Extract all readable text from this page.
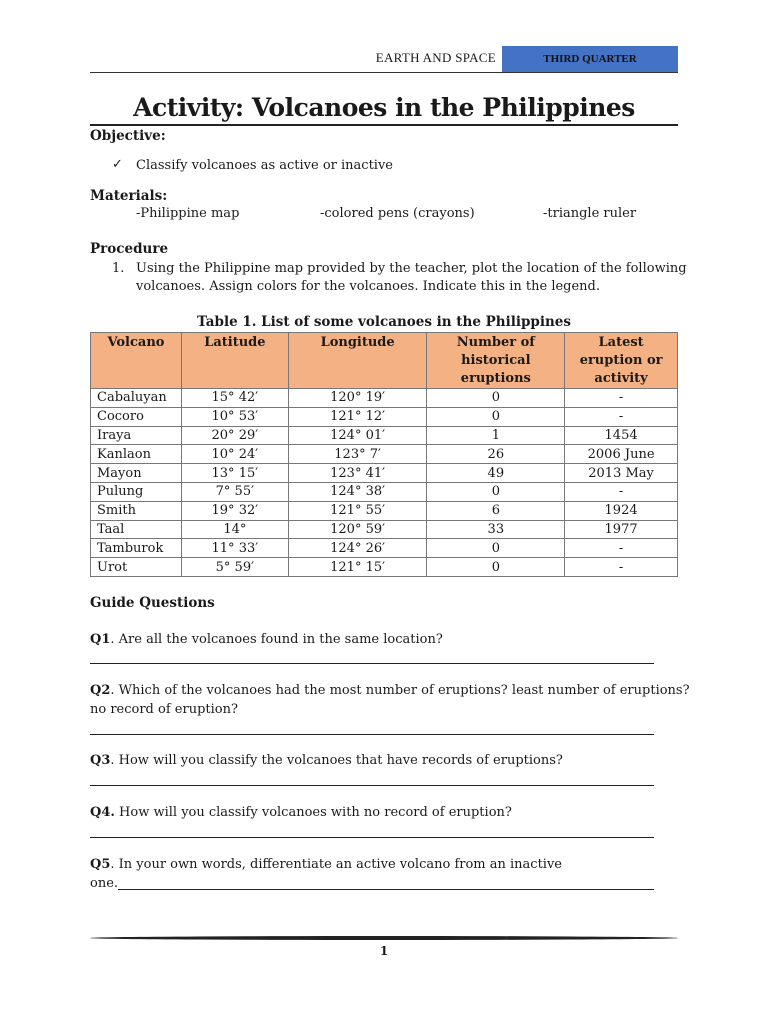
EARTH AND SPACE	THIRD QUARTER
Activity: Volcanoes in the Philippines
Objective:
✓ Classify volcanoes as active or inactive
Materials:
-Philippine map	-colored pens (crayons)	-triangle ruler
Procedure
1. Using the Philippine map provided by the teacher, plot the location of the following
volcanoes. Assign colors for the volcanoes. Indicate this in the legend.
Table 1. List of some volcanoes in the Philippines
Volcano	Latitude	Longitude	Number of historical eruptions	Latest eruption or activity
Cabaluyan	15° 42′	120° 19′	0	-
Cocoro	10° 53′	121° 12′	0	-
Iraya	20° 29′	124° 01′	1	1454
Kanlaon	10° 24′	123° 7′	26	2006 June
Mayon	13° 15′	123° 41′	49	2013 May
Pulung	7° 55′	124° 38′	0	-
Smith	19° 32′	121° 55′	6	1924
Taal	14°	120° 59′	33	1977
Tamburok	11° 33′	124° 26′	0	-
Urot	5° 59′	121° 15′	0	-
Guide Questions
Q1. Are all the volcanoes found in the same location?
Q2. Which of the volcanoes had the most number of eruptions? least number of eruptions?
no record of eruption?
Q3. How will you classify the volcanoes that have records of eruptions?
Q4. How will you classify volcanoes with no record of eruption?
Q5. In your own words, differentiate an active volcano from an inactive
one.
1
